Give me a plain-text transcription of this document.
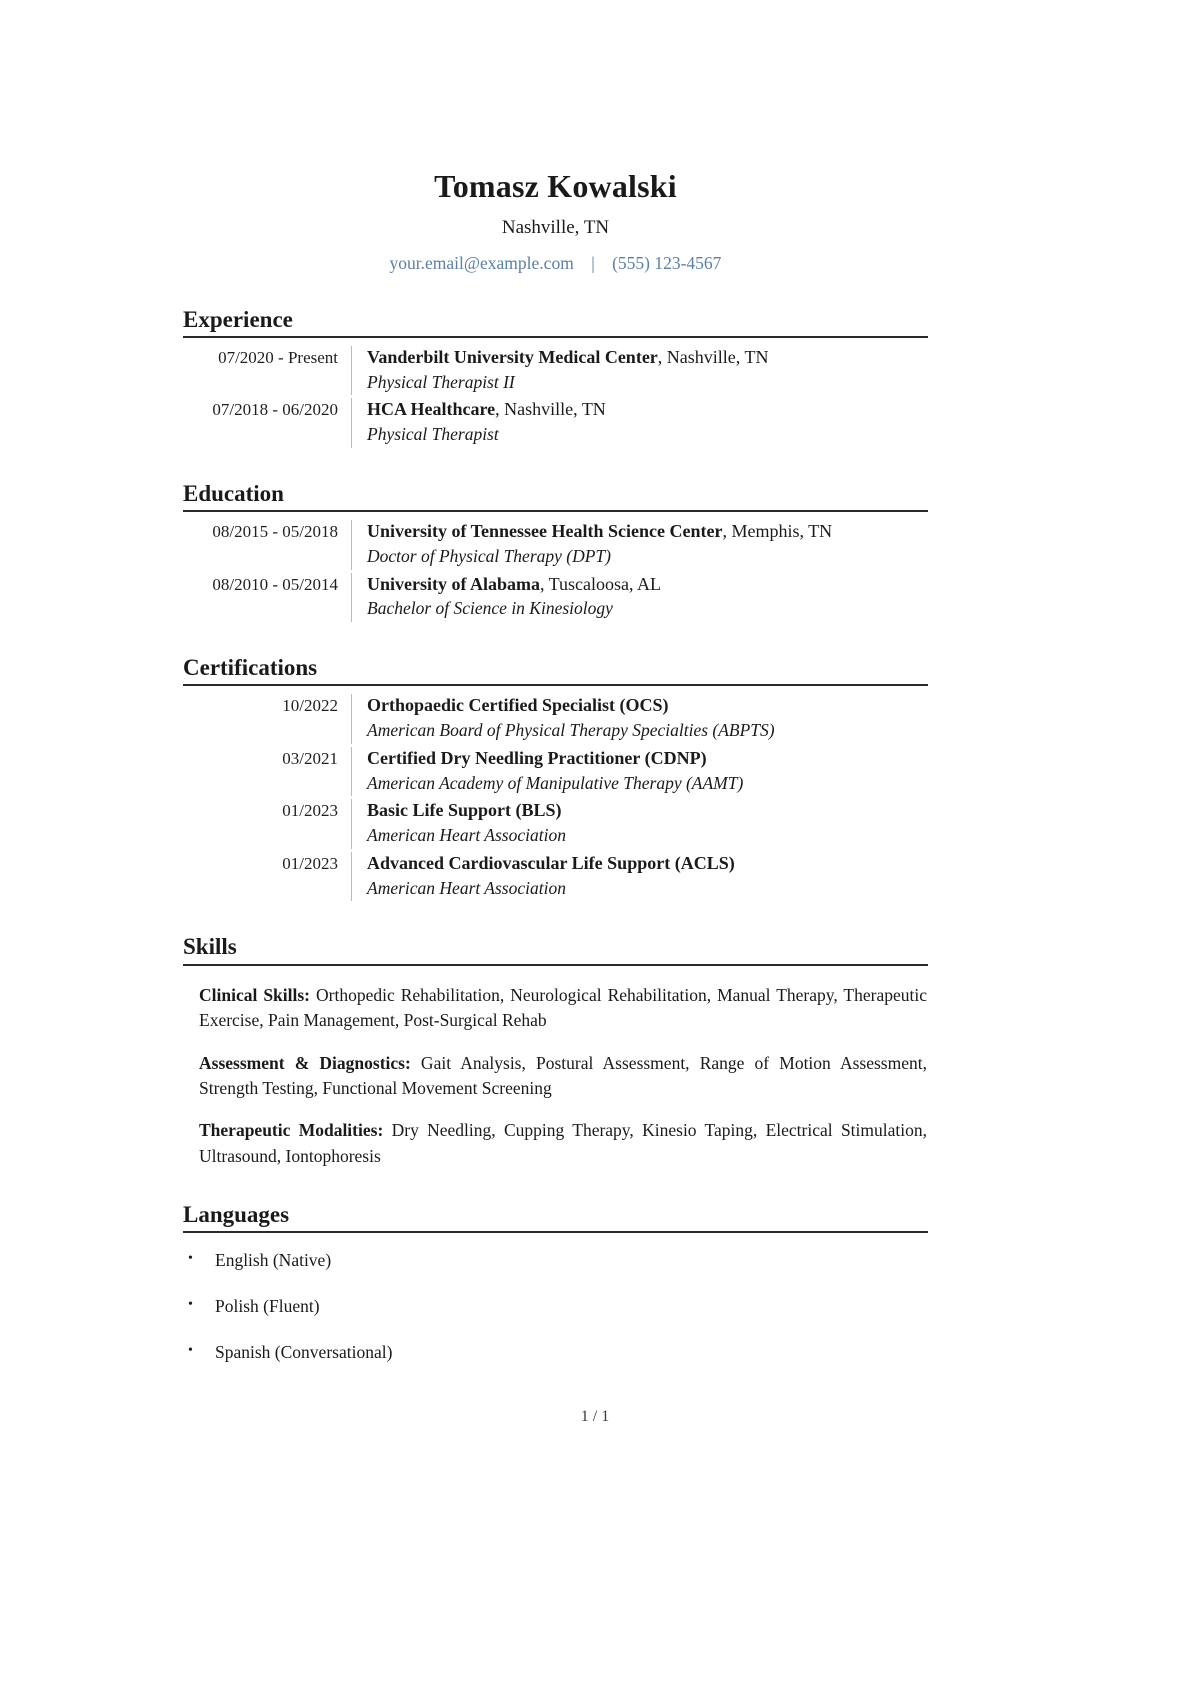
Tomasz Kowalski
Nashville, TN
your.email@example.com | (555) 123-4567
Experience
07/2020 - Present	Vanderbilt University Medical Center, Nashville, TN
Physical Therapist II
07/2018 - 06/2020	HCA Healthcare, Nashville, TN
Physical Therapist
Education
08/2015 - 05/2018	University of Tennessee Health Science Center, Memphis, TN
Doctor of Physical Therapy (DPT)
08/2010 - 05/2014	University of Alabama, Tuscaloosa, AL
Bachelor of Science in Kinesiology
Certifications
10/2022	Orthopaedic Certified Specialist (OCS)
American Board of Physical Therapy Specialties (ABPTS)
03/2021	Certified Dry Needling Practitioner (CDNP)
American Academy of Manipulative Therapy (AAMT)
01/2023	Basic Life Support (BLS)
American Heart Association
01/2023	Advanced Cardiovascular Life Support (ACLS)
American Heart Association
Skills
Clinical Skills: Orthopedic Rehabilitation, Neurological Rehabilitation, Manual Therapy, Therapeutic Exercise, Pain Management, Post-Surgical Rehab
Assessment & Diagnostics: Gait Analysis, Postural Assessment, Range of Motion Assessment, Strength Testing, Functional Movement Screening
Therapeutic Modalities: Dry Needling, Cupping Therapy, Kinesio Taping, Electrical Stimulation, Ultrasound, Iontophoresis
Languages
• English (Native)
• Polish (Fluent)
• Spanish (Conversational)
1 / 1
